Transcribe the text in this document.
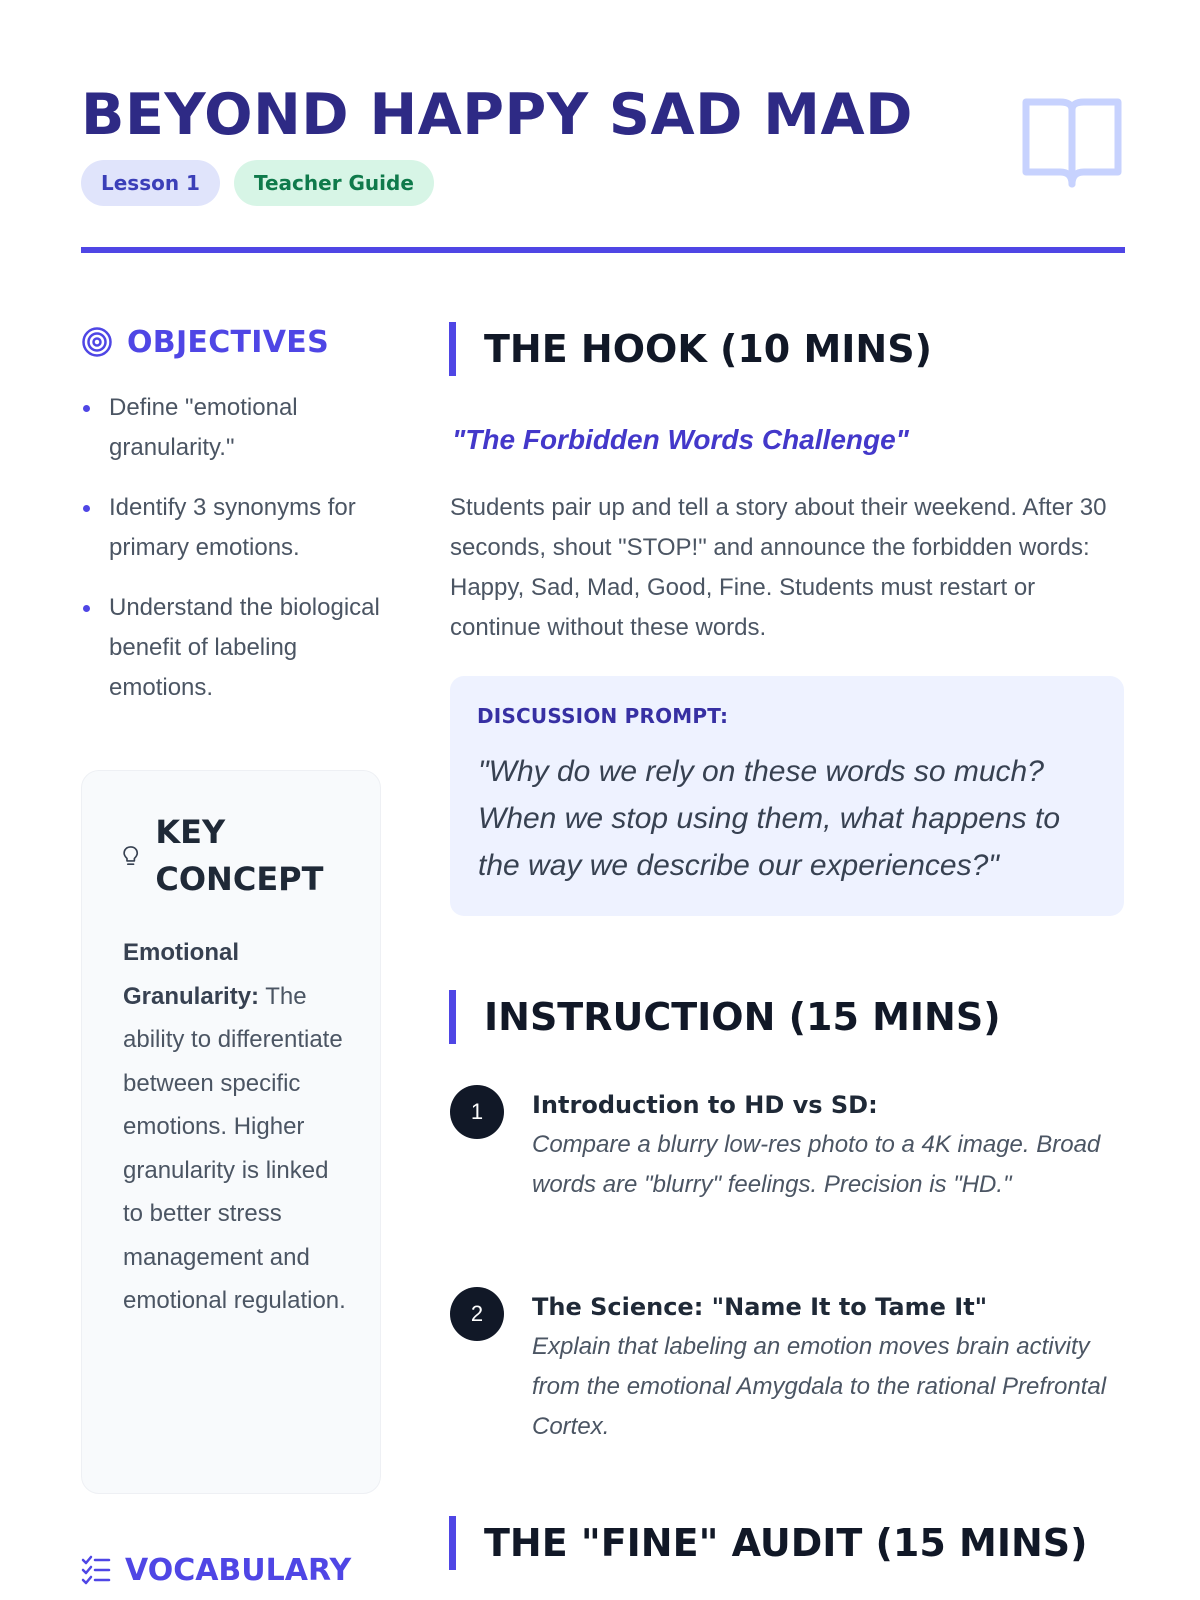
BEYOND HAPPY SAD MAD
Lesson 1	Teacher Guide
OBJECTIVES
Define "emotional granularity."
Identify 3 synonyms for primary emotions.
Understand the biological benefit of labeling emotions.
KEY CONCEPT
Emotional Granularity: The ability to differentiate between specific emotions. Higher granularity is linked to better stress management and emotional regulation.
VOCABULARY
THE HOOK (10 MINS)
"The Forbidden Words Challenge"
Students pair up and tell a story about their weekend. After 30 seconds, shout "STOP!" and announce the forbidden words: Happy, Sad, Mad, Good, Fine. Students must restart or continue without these words.
DISCUSSION PROMPT:
"Why do we rely on these words so much? When we stop using them, what happens to the way we describe our experiences?"
INSTRUCTION (15 MINS)
1	Introduction to HD vs SD:
Compare a blurry low-res photo to a 4K image. Broad words are "blurry" feelings. Precision is "HD."
2	The Science: "Name It to Tame It"
Explain that labeling an emotion moves brain activity from the emotional Amygdala to the rational Prefrontal Cortex.
THE "FINE" AUDIT (15 MINS)
